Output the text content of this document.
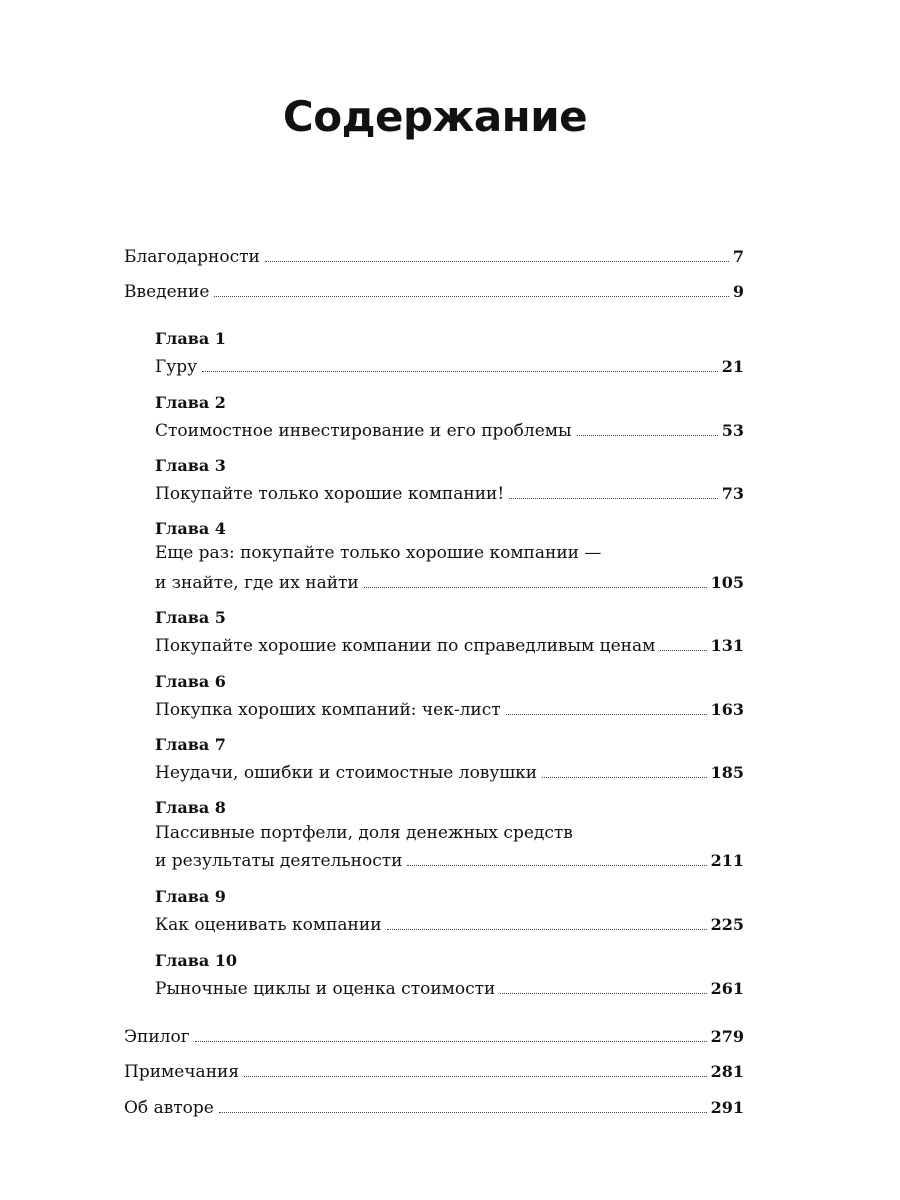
Содержание
Благодарности	7
Введение	9
Глава 1
Гуру	21
Глава 2
Стоимостное инвестирование и его проблемы	53
Глава 3
Покупайте только хорошие компании!	73
Глава 4
Еще раз: покупайте только хорошие компании —
и знайте, где их найти	105
Глава 5
Покупайте хорошие компании по справедливым ценам	131
Глава 6
Покупка хороших компаний: чек-лист	163
Глава 7
Неудачи, ошибки и стоимостные ловушки	185
Глава 8
Пассивные портфели, доля денежных средств
и результаты деятельности	211
Глава 9
Как оценивать компании	225
Глава 10
Рыночные циклы и оценка стоимости	261
Эпилог	279
Примечания	281
Об авторе	291
